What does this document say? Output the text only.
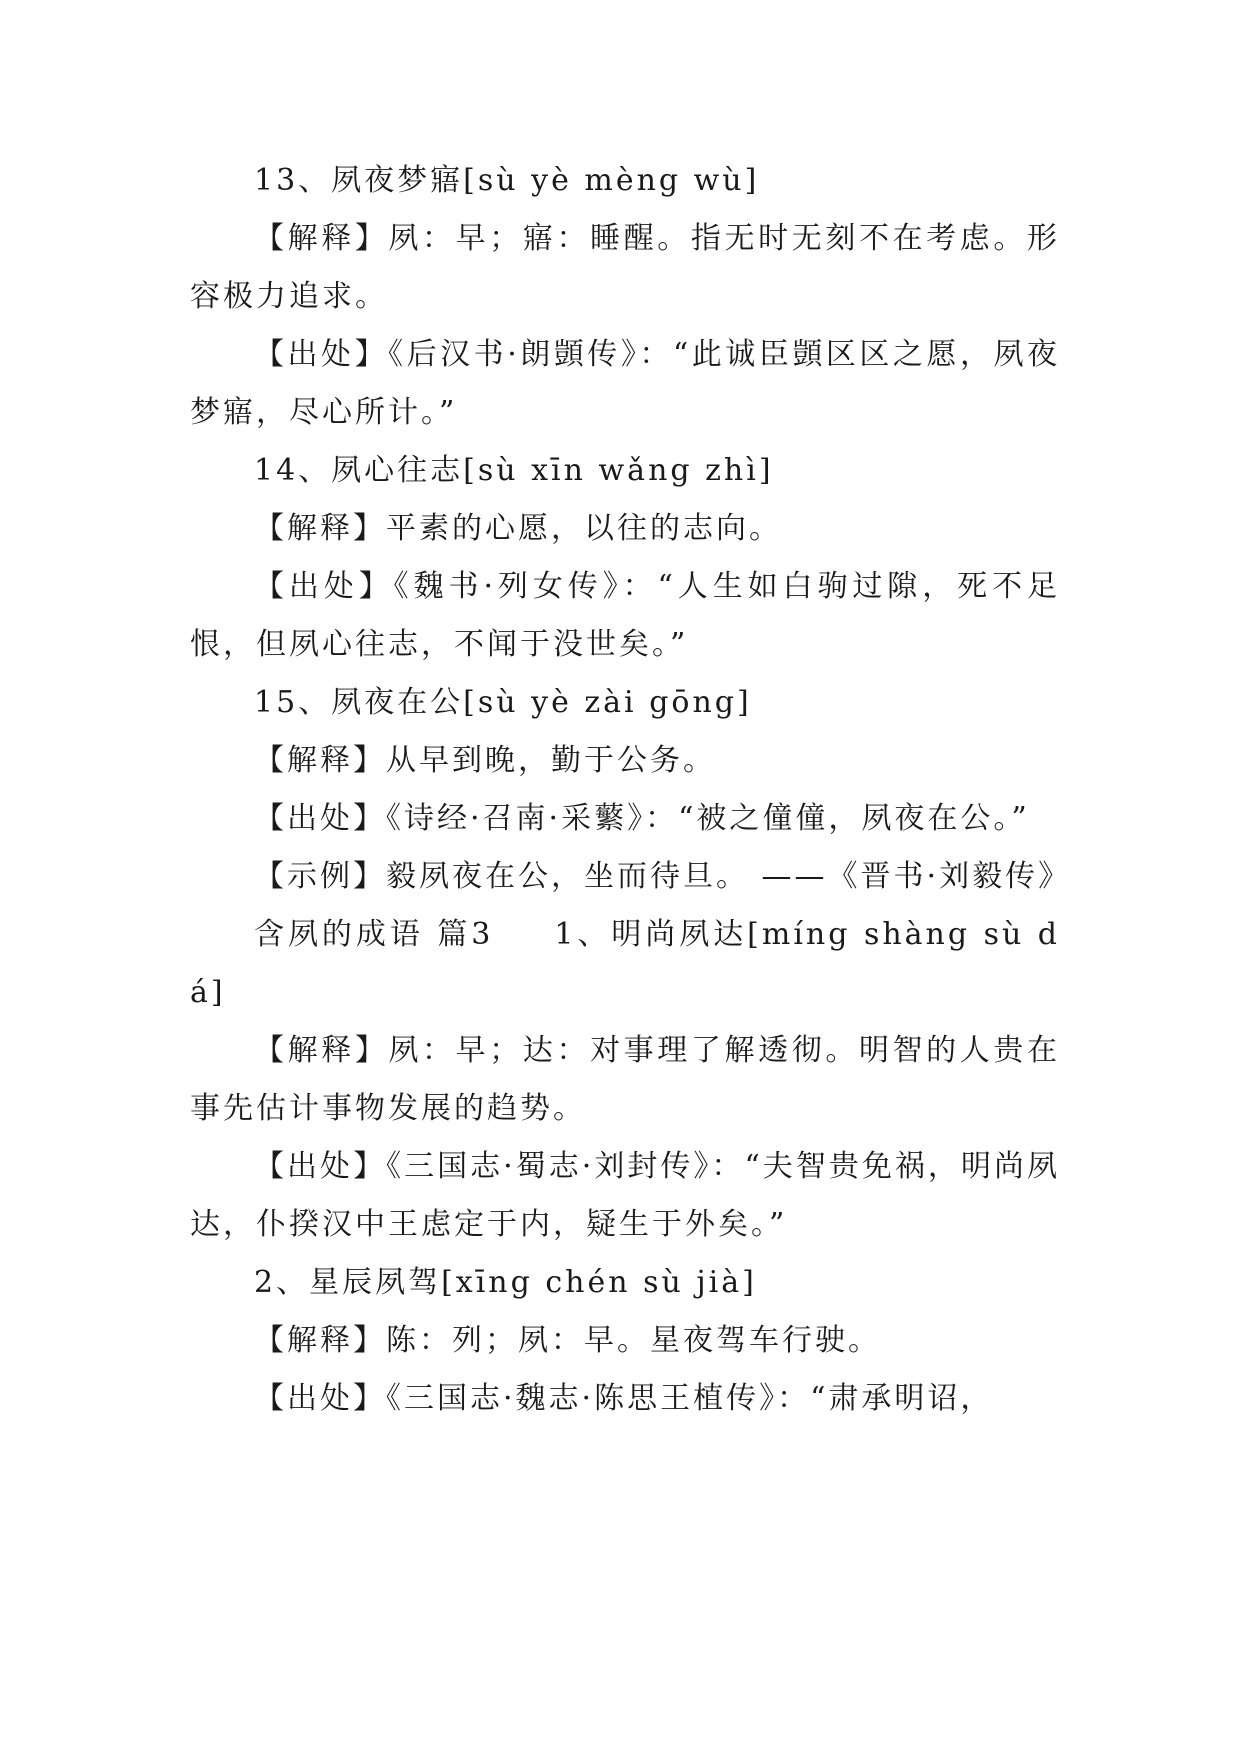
13、夙夜梦寤[sù yè mèng wù]

【解释】夙：早；寤：睡醒。指无时无刻不在考虑。形容极力追求。

【出处】《后汉书·朗顗传》：“此诚臣顗区区之愿，夙夜梦寤，尽心所计。”

14、夙心往志[sù xīn wǎng zhì]

【解释】平素的心愿，以往的志向。

【出处】《魏书·列女传》：“人生如白驹过隙，死不足恨，但夙心往志，不闻于没世矣。”

15、夙夜在公[sù yè zài gōng]

【解释】从早到晚，勤于公务。

【出处】《诗经·召南·采蘩》：“被之僮僮，夙夜在公。”

【示例】毅夙夜在公，坐而待旦。 ——《晋书·刘毅传》

含夙的成语 篇3 　 1、明尚夙达[míng shàng sù dá]

【解释】夙：早；达：对事理了解透彻。明智的人贵在事先估计事物发展的趋势。

【出处】《三国志·蜀志·刘封传》：“夫智贵免祸，明尚夙达，仆揆汉中王虑定于内，疑生于外矣。”

2、星辰夙驾[xīng chén sù jià]

【解释】陈：列；夙：早。星夜驾车行驶。

【出处】《三国志·魏志·陈思王植传》：“肃承明诏，
